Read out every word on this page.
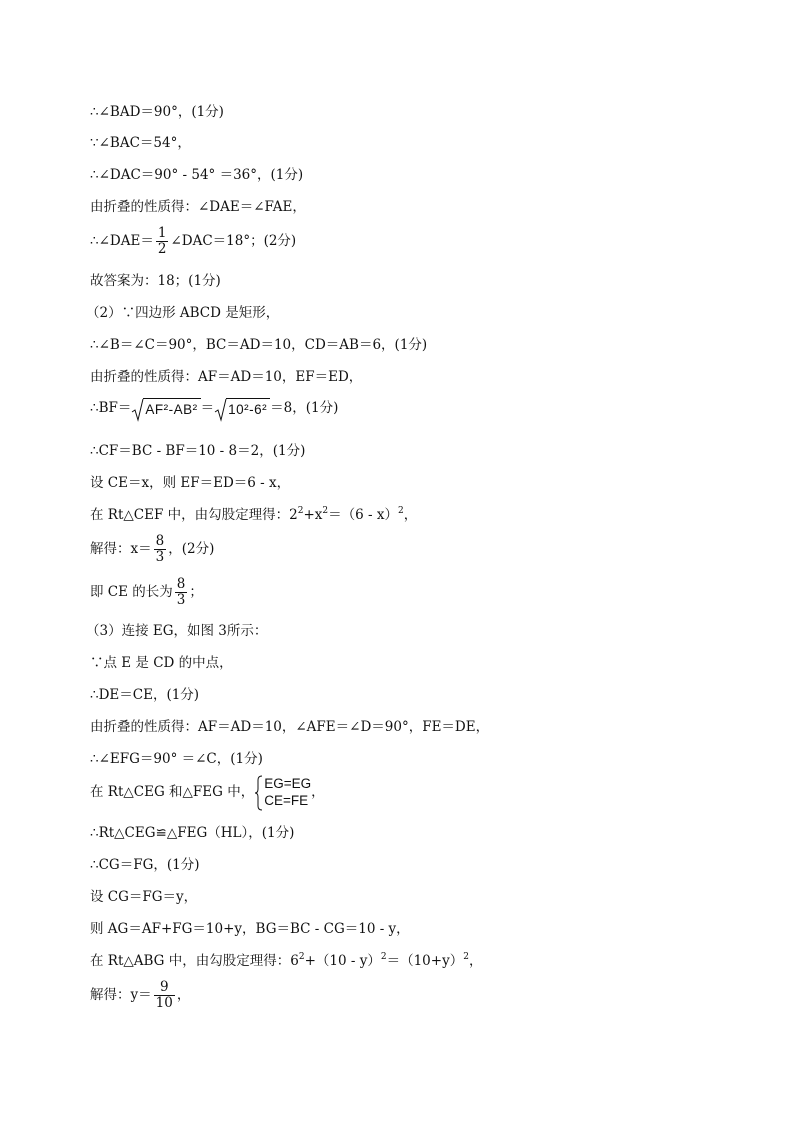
∴∠BAD＝90°，(1分)
∵∠BAC＝54°，
∴∠DAC＝90° - 54° ＝36°，(1分)
由折叠的性质得：∠DAE＝∠FAE，
∴∠DAE＝ $\frac{1}{2}$ ∠DAC＝18°；(2分)
故答案为：18；(1分)
（2）∵四边形 ABCD 是矩形，
∴∠B＝∠C＝90°，BC＝AD＝10，CD＝AB＝6，(1分)
由折叠的性质得：AF＝AD＝10，EF＝ED，
∴BF＝ AF²-AB² ＝ 10²-6² ＝8，(1分)
∴CF＝BC - BF＝10 - 8＝2，(1分)
设 CE＝x，则 EF＝ED＝6 - x，
在 Rt△CEF 中，由勾股定理得：$2^2+x^2=(6 - x)^2$，
解得：$x= \frac{8}{3}$ ，(2分)
即 CE 的长为 $\frac{8}{3}$ ；
（3）连接 EG，如图 3所示：
∵点 E 是 CD 的中点，
∴DE＝CE，(1分)
由折叠的性质得：AF＝AD＝10，∠AFE＝∠D＝90°，FE＝DE，
∴∠EFG＝90° ＝∠C，(1分)
在 Rt△CEG 和△FEG 中，
EG=EG
CE=FE
，
∴Rt△CEG≌△FEG（HL），(1分)
∴CG＝FG，(1分)
设 CG＝FG＝y，
则 AG＝AF+FG＝10+y，BG＝BC - CG＝10 - y，
在 Rt△ABG 中，由勾股定理得：$6^2+(10 - y)^2=(10+y)^2$，
解得：$y= \frac{9}{10}$ ，
